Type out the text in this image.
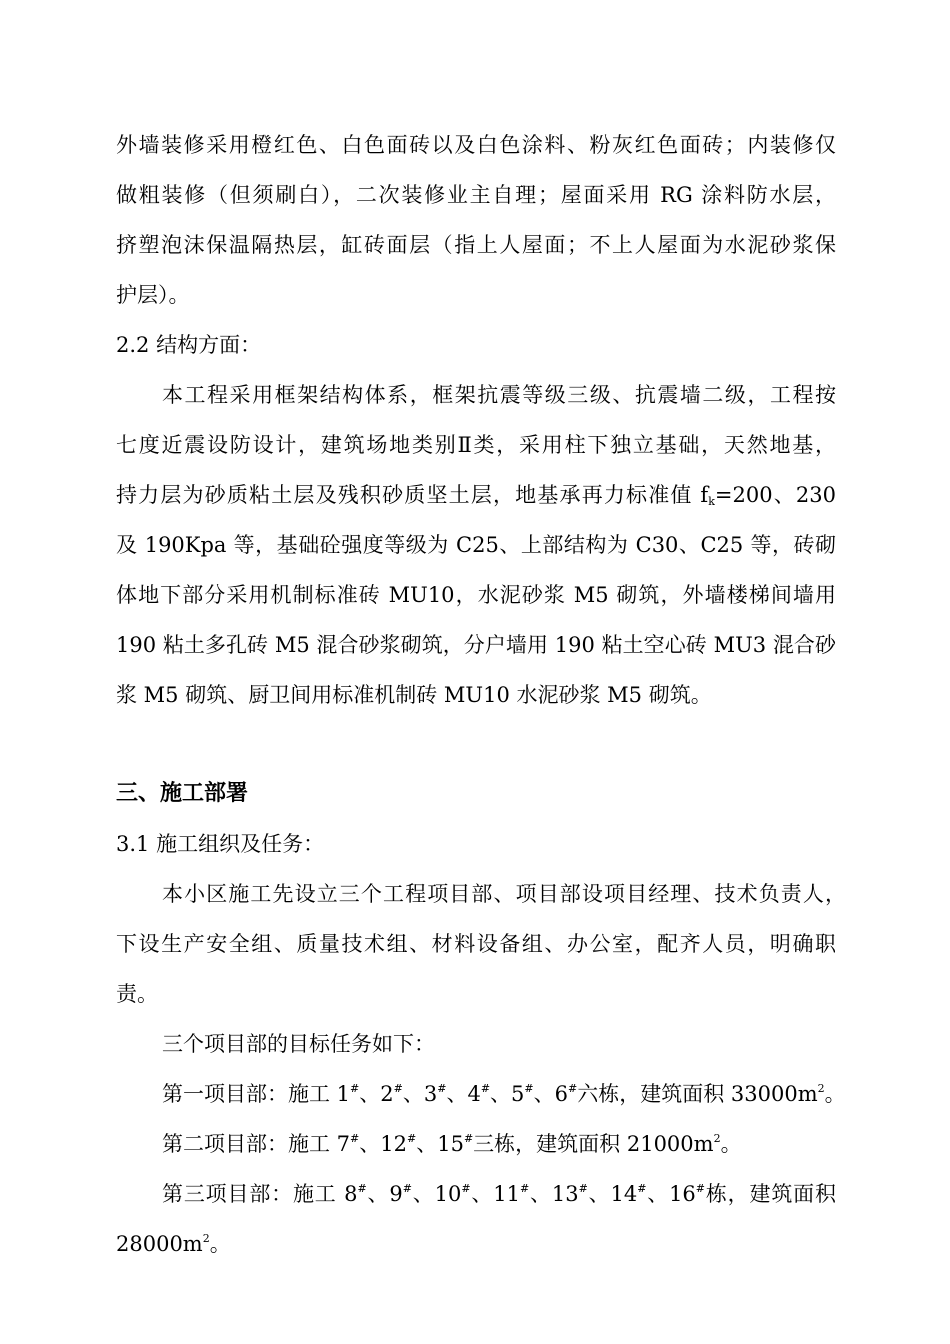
外墙装修采用橙红色、白色面砖以及白色涂料、粉灰红色面砖；内装修仅
做粗装修（但须刷白），二次装修业主自理；屋面采用 RG 涂料防水层，
挤塑泡沫保温隔热层，缸砖面层（指上人屋面；不上人屋面为水泥砂浆保
护层）。
2.2 结构方面：
本工程采用框架结构体系，框架抗震等级三级、抗震墙二级，工程按
七度近震设防设计，建筑场地类别Ⅱ类，采用柱下独立基础，天然地基，
持力层为砂质粘土层及残积砂质坚土层，地基承再力标准值 $f_k=200$、230
及 190Kpa 等，基础砼强度等级为 C25、上部结构为 C30、C25 等，砖砌
体地下部分采用机制标准砖 MU10，水泥砂浆 M5 砌筑，外墙楼梯间墙用
190 粘土多孔砖 M5 混合砂浆砌筑，分户墙用 190 粘土空心砖 MU3 混合砂
浆 M5 砌筑、厨卫间用标准机制砖 MU10 水泥砂浆 M5 砌筑。
三、施工部署
3.1 施工组织及任务：
本小区施工先设立三个工程项目部、项目部设项目经理、技术负责人，
下设生产安全组、质量技术组、材料设备组、办公室，配齐人员，明确职
责。
三个项目部的目标任务如下：
第一项目部：施工 1#、2#、3#、4#、5#、6#六栋，建筑面积 $33000m^2$。
第二项目部：施工 7#、12#、15#三栋，建筑面积 $21000m^2$。
第三项目部：施工 8#、9#、10#、11#、13#、14#、16#栋，建筑面积
$28000m^2$。
